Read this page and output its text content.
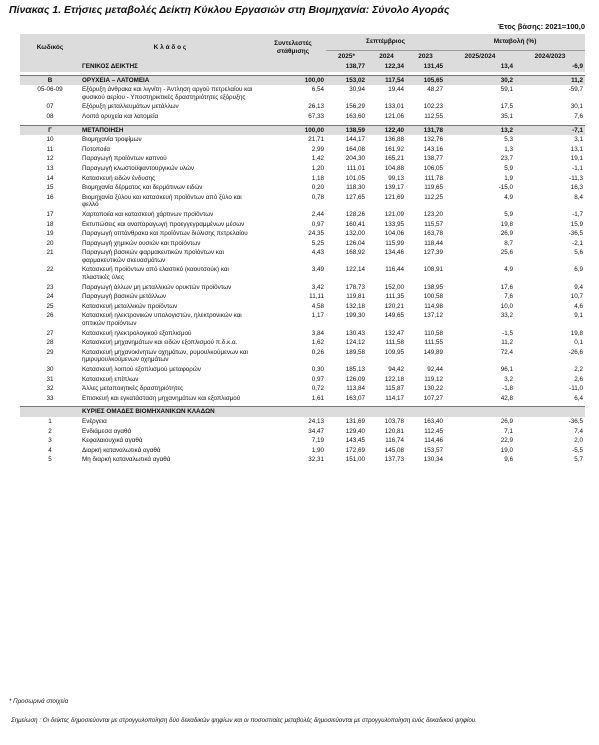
Πίνακας 1. Ετήσιες μεταβολές Δείκτη Κύκλου Εργασιών στη Βιομηχανία: Σύνολο Αγοράς
Έτος βάσης: 2021=100,0
Κωδικός	Κ λ ά δ ο ς	Συντελεστές στάθμισης	Σεπτέμβριος			Μεταβολή (%)	
			2025*	2024	2023	2025/2024	2024/2023
	ΓΕΝΙΚΟΣ ΔΕΙΚΤΗΣ		138,77	122,34	131,45	13,4	-6,9

Β	ΟΡΥΧΕΙΑ – ΛΑΤΟΜΕΙΑ	100,00	153,02	117,54	105,65	30,2	11,2
05-06-09	Εξόρυξη άνθρακα και λιγνίτη - Άντληση αργού πετρελαίου και φυσικού αερίου - Υποστηρικτικές δραστηριότητες εξόρυξης	6,54	30,94	19,44	48,27	59,1	-59,7
07	Εξόρυξη μεταλλευμάτων μετάλλων	26,13	156,29	133,01	102,23	17,5	30,1
08	Λοιπά ορυχεία και λατομεία	67,33	163,60	121,06	112,55	35,1	7,6

Γ	ΜΕΤΑΠΟΙΗΣΗ	100,00	138,59	122,40	131,78	13,2	-7,1
10	Βιομηχανία τροφίμων	21,71	144,17	136,88	132,76	5,3	3,1
11	Ποτοποιία	2,99	164,08	161,92	143,16	1,3	13,1
12	Παραγωγή προϊόντων καπνού	1,42	204,30	165,21	138,77	23,7	19,1
13	Παραγωγή κλωστοϋφαντουργικών υλών	1,20	111,01	104,88	106,05	5,9	-1,1
14	Κατασκευή ειδών ένδυσης	1,18	101,05	99,13	111,78	1,9	-11,3
15	Βιομηχανία δέρματος και δερμάτινων ειδών	0,20	118,30	139,17	119,65	-15,0	16,3
16	Βιομηχανία ξύλου και κατασκευή προϊόντων από ξύλο και φελλό	0,78	127,65	121,69	112,25	4,9	8,4
17	Χαρτοποιία και κατασκευή χάρτινων προϊόντων	2,44	128,26	121,09	123,20	5,9	-1,7
18	Εκτυπώσεις και αναπαραγωγή προεγγεγραμμένων μέσων	0,97	160,41	133,95	115,57	19,8	15,9
19	Παραγωγή οπτάνθρακα και προϊόντων διύλισης πετρελαίου	24,35	132,00	104,06	163,78	26,9	-36,5
20	Παραγωγή χημικών ουσιών και προϊόντων	5,25	126,04	115,99	118,44	8,7	-2,1
21	Παραγωγή βασικών φαρμακευτικών προϊόντων και φαρμακευτικών σκευασμάτων	4,43	168,92	134,46	127,39	25,6	5,6
22	Κατασκευή προϊόντων από ελαστικό (καουτσούκ) και πλαστικές ύλες	3,49	122,14	116,44	108,91	4,9	6,9
23	Παραγωγή άλλων μη μεταλλικών ορυκτών προϊόντων	3,42	178,73	152,00	138,95	17,6	9,4
24	Παραγωγή βασικών μετάλλων	11,11	119,81	111,35	100,58	7,6	10,7
25	Κατασκευή μεταλλικών προϊόντων	4,58	132,18	120,21	114,98	10,0	4,6
26	Κατασκευή ηλεκτρονικών υπολογιστών, ηλεκτρονικών και οπτικών προϊόντων	1,17	199,30	149,65	137,12	33,2	9,1
27	Κατασκευή ηλεκτρολογικού εξοπλισμού	3,84	130,43	132,47	110,58	-1,5	19,8
28	Κατασκευή μηχανημάτων και ειδών εξοπλισμού π.δ.κ.α.	1,62	124,12	111,58	111,55	11,2	0,1
29	Κατασκευή μηχανοκίνητων οχημάτων, ρυμουλκούμενων και ημιρυμουλκούμενων οχημάτων	0,26	189,58	109,95	149,89	72,4	-26,6
30	Κατασκευή λοιπού εξοπλισμού μεταφορών	0,30	185,13	94,42	92,44	96,1	2,2
31	Κατασκευή επίπλων	0,97	126,09	122,18	119,12	3,2	2,6
32	Άλλες μεταποιητικές δραστηριότητες	0,72	113,84	115,87	130,22	-1,8	-11,0
33	Επισκευή και εγκατάσταση μηχανημάτων και εξοπλισμού	1,61	163,07	114,17	107,27	42,8	6,4

	ΚΥΡΙΕΣ ΟΜΑΔΕΣ ΒΙΟΜΗΧΑΝΙΚΩΝ ΚΛΑΔΩΝ						
1	Ενέργεια	24,13	131,69	103,78	163,40	26,9	-36,5
2	Ενδιάμεσα αγαθά	34,47	129,40	120,81	112,45	7,1	7,4
3	Κεφαλαιουχικά αγαθά	7,19	143,45	116,74	114,46	22,9	2,0
4	Διαρκή καταναλωτικά αγαθά	1,90	172,69	145,08	153,57	19,0	-5,5
5	Μη διαρκή καταναλωτικά αγαθά	32,31	151,00	137,73	130,34	9,6	5,7
* Προσωρινά στοιχεία
Σημείωση : Οι δείκτες δημοσιεύονται με στρογγυλοποίηση δύο δεκαδικών ψηφίων και οι ποσοστιαίες μεταβολές δημοσιεύονται με στρογγυλοποίηση ενός δεκαδικού ψηφίου.
